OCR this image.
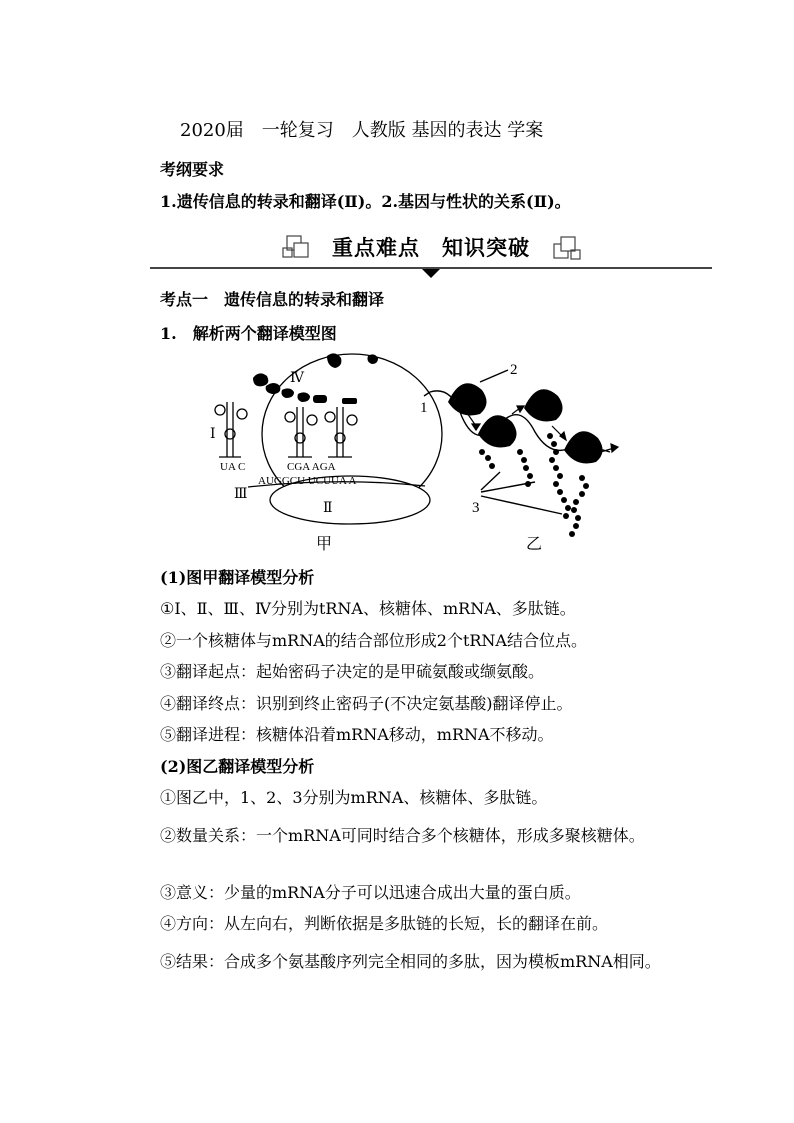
2020届　一轮复习　人教版 基因的表达 学案
考纲要求
1.遗传信息的转录和翻译(Ⅱ)。2.基因与性状的关系(Ⅱ)。
重点难点　知识突破
考点一　遗传信息的转录和翻译
1.　解析两个翻译模型图
Ⅳ
Ⅰ
Ⅲ
Ⅱ
UA C	CGA AGA
AUGGCU UCUUA A
甲
2
1
3
乙
(1)图甲翻译模型分析
①Ⅰ、Ⅱ、Ⅲ、Ⅳ分别为tRNA、核糖体、mRNA、多肽链。
②一个核糖体与mRNA的结合部位形成2个tRNA结合位点。
③翻译起点：起始密码子决定的是甲硫氨酸或缬氨酸。
④翻译终点：识别到终止密码子(不决定氨基酸)翻译停止。
⑤翻译进程：核糖体沿着mRNA移动，mRNA不移动。
(2)图乙翻译模型分析
①图乙中，1、2、3分别为mRNA、核糖体、多肽链。
②数量关系：一个mRNA可同时结合多个核糖体，形成多聚核糖体。
③意义：少量的mRNA分子可以迅速合成出大量的蛋白质。
④方向：从左向右，判断依据是多肽链的长短，长的翻译在前。
⑤结果：合成多个氨基酸序列完全相同的多肽，因为模板mRNA相同。
